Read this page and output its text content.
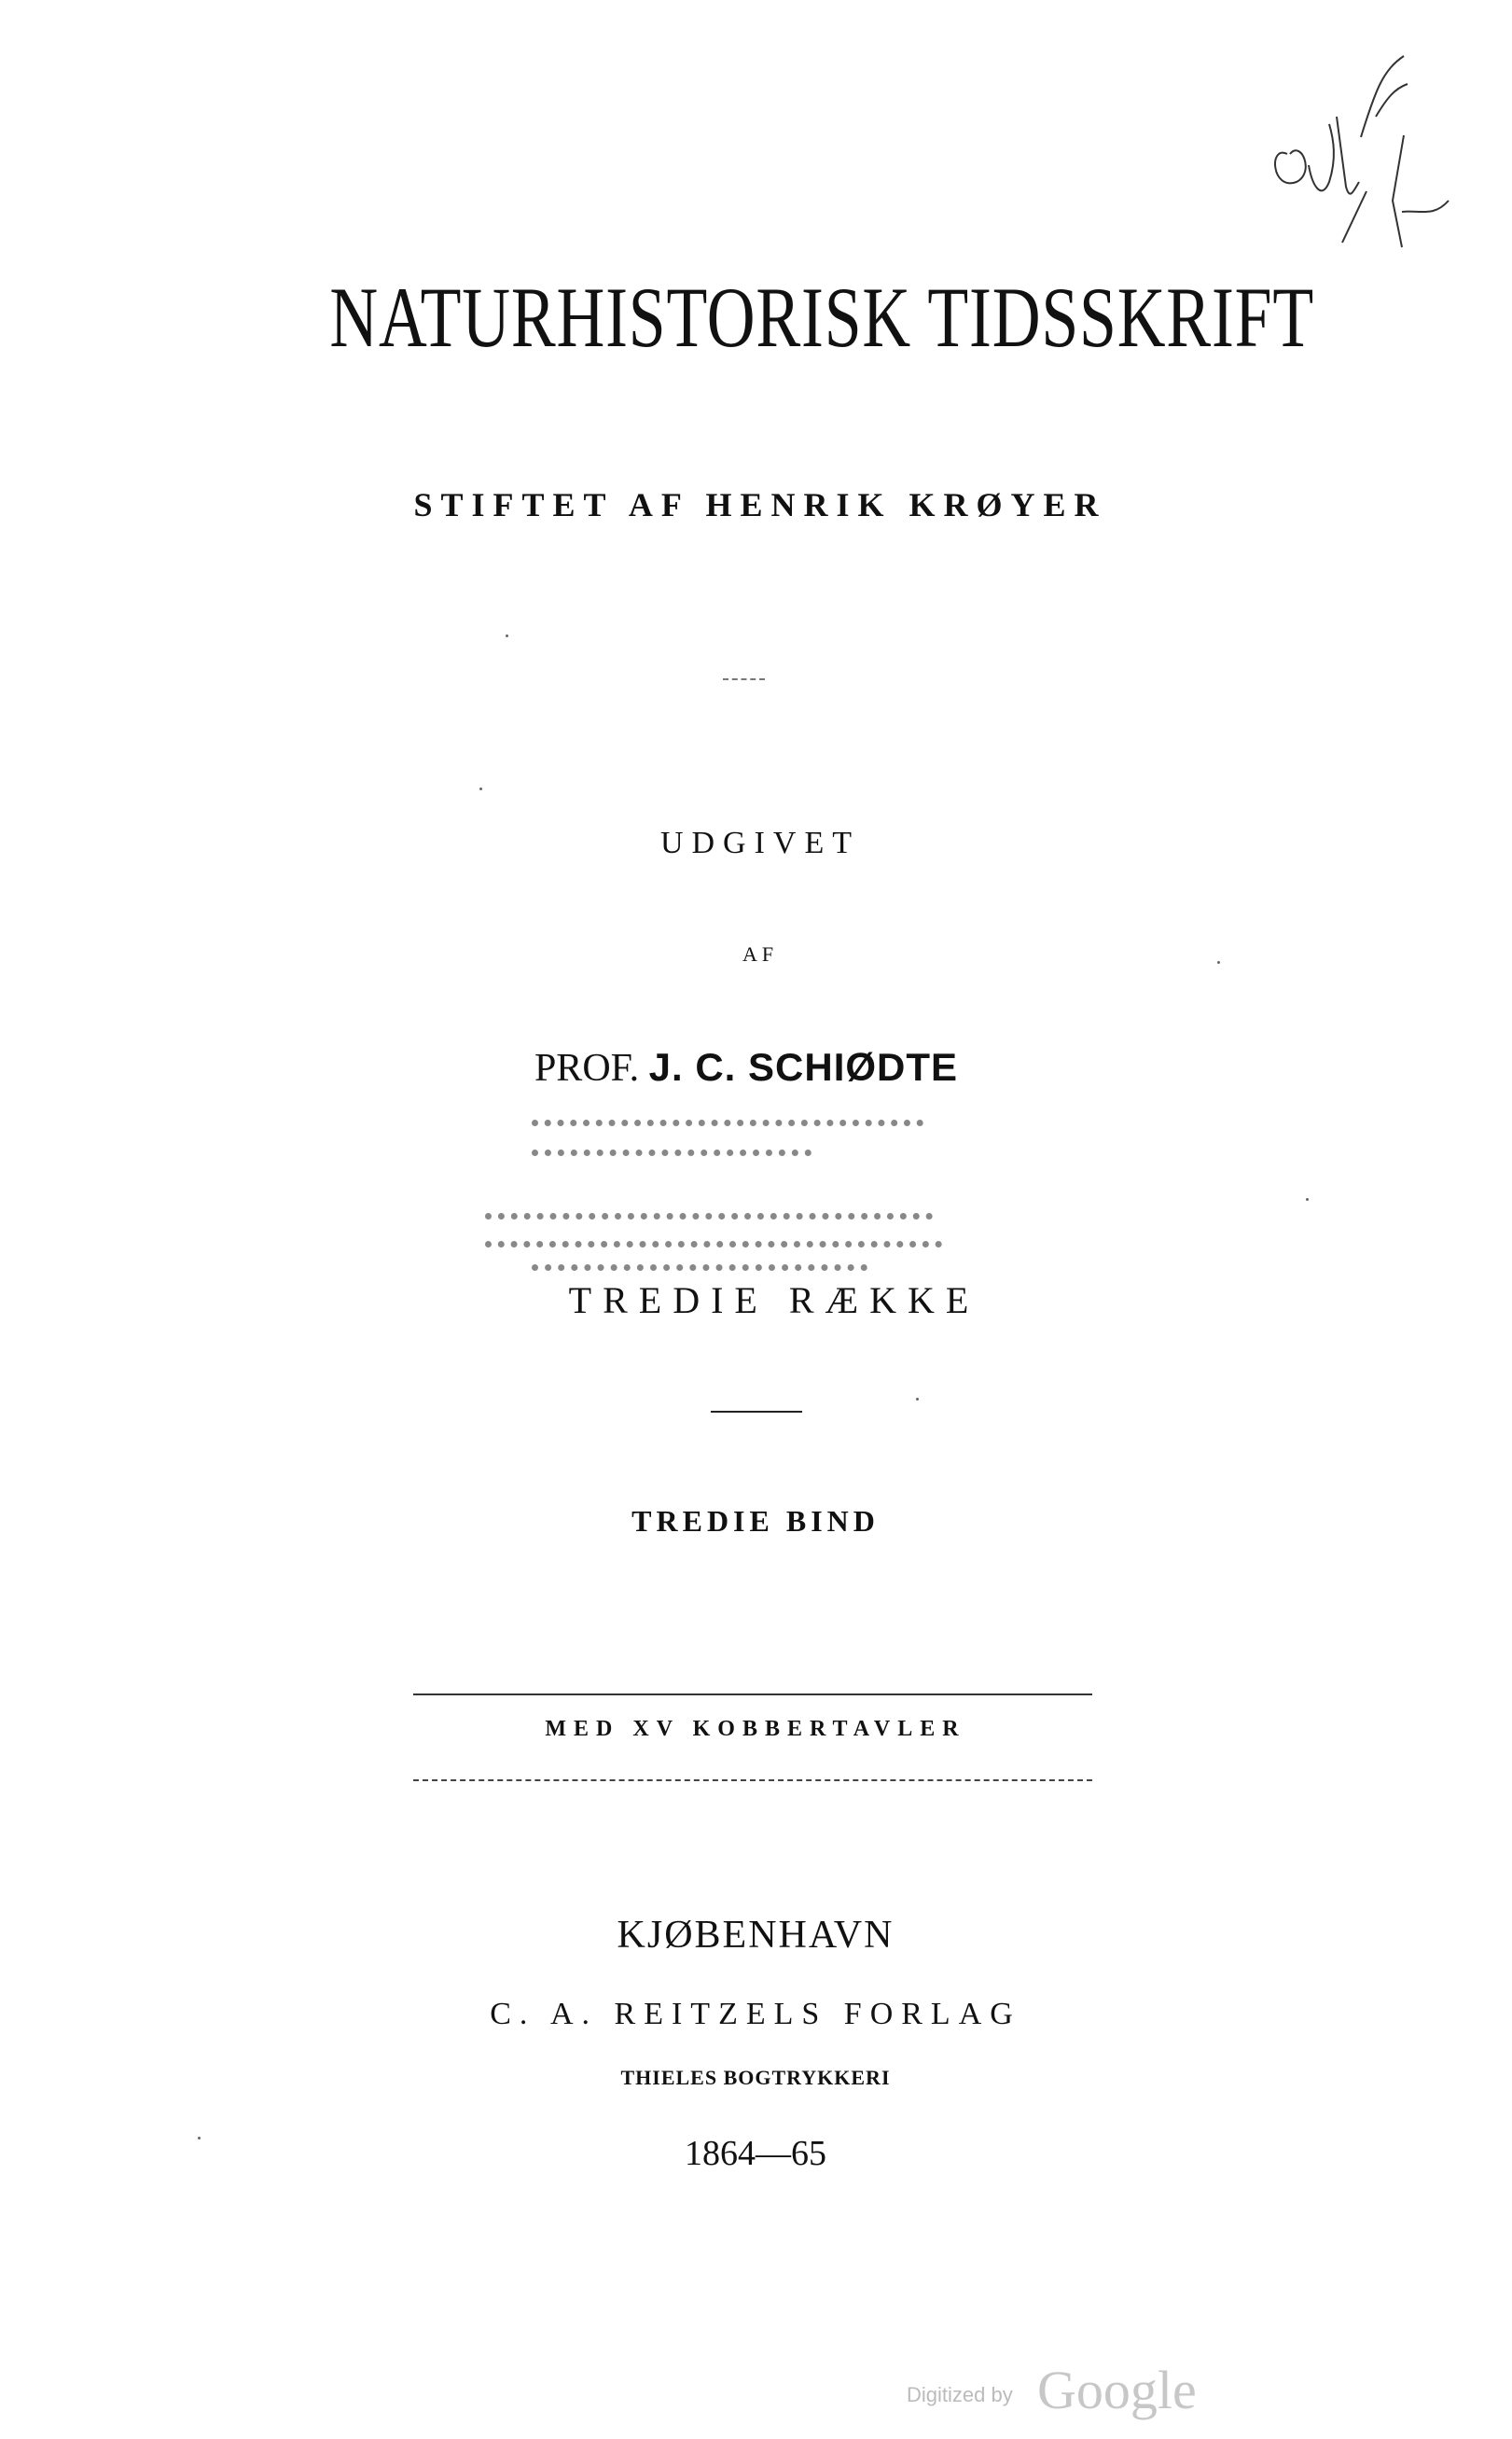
NATURHISTORISK TIDSSKRIFT
STIFTET AF HENRIK KRØYER
UDGIVET
AF
PROF. J. C. SCHIØDTE
TREDIE RÆKKE
TREDIE BIND
MED XV KOBBERTAVLER
KJØBENHAVN
C. A. REITZELS FORLAG
THIELES BOGTRYKKERI
1864—65
Digitized by Google
